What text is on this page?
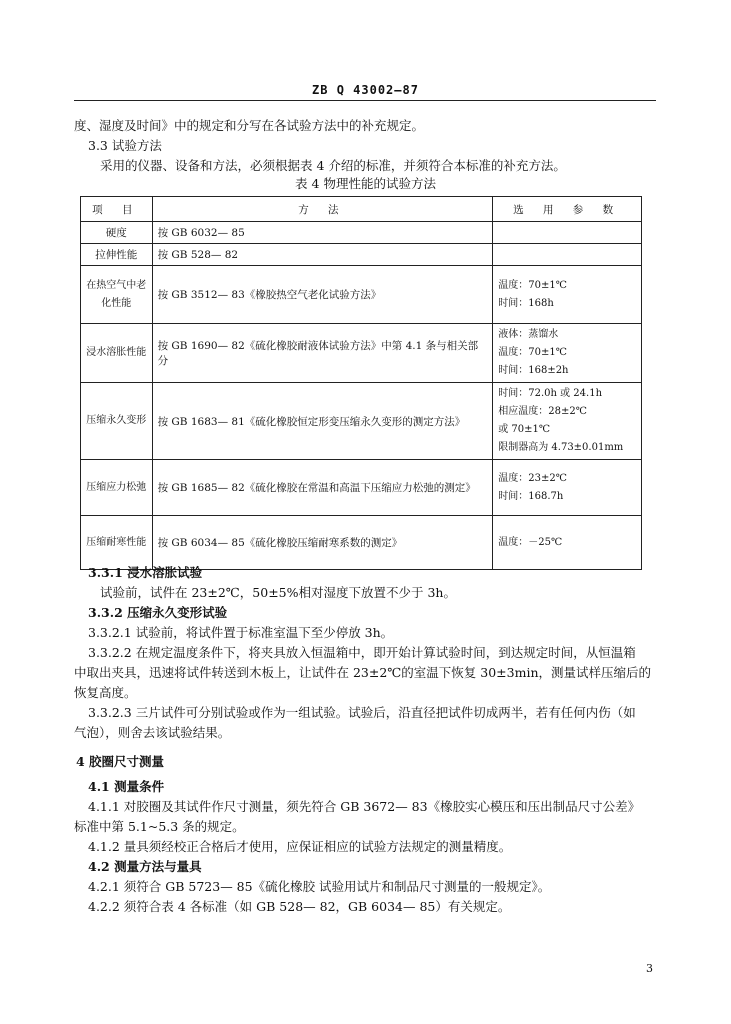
ZB Q 43002—87
度、湿度及时间》中的规定和分写在各试验方法中的补充规定。
3.3 试验方法
采用的仪器、设备和方法，必须根据表 4 介绍的标准，并须符合本标准的补充方法。
表 4 物理性能的试验方法
项 目	方 法	选 用 参 数
硬度	按 GB 6032— 85	
拉伸性能	按 GB 528— 82	
在热空气中老化性能	按 GB 3512— 83《橡胶热空气老化试验方法》	温度：70±1℃
时间：168h

浸水溶胀性能	按 GB 1690— 82《硫化橡胶耐液体试验方法》中第 4.1 条与相关部分	液体：蒸馏水
温度：70±1℃
时间：168±2h

压缩永久变形	按 GB 1683— 81《硫化橡胶恒定形变压缩永久变形的测定方法》	时间：72.0h 或 24.1h
相应温度：28±2℃
或 70±1℃
限制器高为 4.73±0.01mm

压缩应力松弛	按 GB 1685— 82《硫化橡胶在常温和高温下压缩应力松弛的测定》	温度：23±2℃
时间：168.7h

压缩耐寒性能	按 GB 6034— 85《硫化橡胶压缩耐寒系数的测定》	温度：－25℃
3.3.1 浸水溶胀试验
试验前，试件在 23±2℃，50±5%相对湿度下放置不少于 3h。
3.3.2 压缩永久变形试验
3.3.2.1 试验前，将试件置于标准室温下至少停放 3h。
3.3.2.2 在规定温度条件下，将夹具放入恒温箱中，即开始计算试验时间，到达规定时间，从恒温箱
中取出夹具，迅速将试件转送到木板上，让试件在 23±2℃的室温下恢复 30±3min，测量试样压缩后的
恢复高度。
3.3.2.3 三片试件可分别试验或作为一组试验。试验后，沿直径把试件切成两半，若有任何内伤（如
气泡），则舍去该试验结果。
4 胶圈尺寸测量
4.1 测量条件
4.1.1 对胶圈及其试件作尺寸测量，须先符合 GB 3672— 83《橡胶实心模压和压出制品尺寸公差》
标准中第 5.1~5.3 条的规定。
4.1.2 量具须经校正合格后才使用，应保证相应的试验方法规定的测量精度。
4.2 测量方法与量具
4.2.1 须符合 GB 5723— 85《硫化橡胶 试验用试片和制品尺寸测量的一般规定》。
4.2.2 须符合表 4 各标准（如 GB 528— 82，GB 6034— 85）有关规定。
3
